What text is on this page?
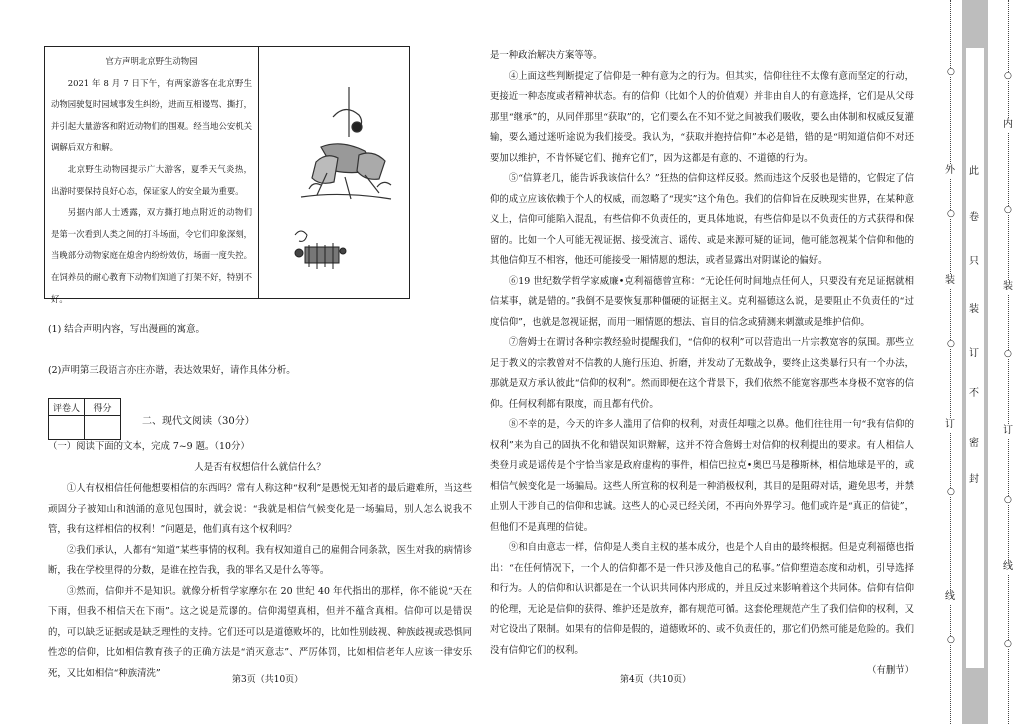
官方声明北京野生动物园

2021 年 8 月 7 日下午，有两家游客在北京野生动物园驶复时园域事发生纠纷，进而互相谩骂、撕打，并引起大量游客和附近动物们的围观。经当地公安机关调解后双方和解。

北京野生动物园提示广大游客，夏季天气炎热，出游时要保持良好心态，保证家人的安全最为重要。

另据内部人士透露，双方撕打地点附近的动物们是第一次看到人类之间的打斗场面，令它们印象深刻，当晚部分动物家庭在熄舍内纷纷效仿，场面一度失控。在饲养员的耐心教育下动物们知道了打架不好，特别不好。

(1) 结合声明内容，写出漫画的寓意。
(2)声明第三段语言亦庄亦谐，表达效果好，请作具体分析。
评卷人	得分

二、现代文阅读（30分）

（一）阅读下面的文本，完成 7~9 题。（10分）

人是否有权想信什么就信什么？

①人有权相信任何他想要相信的东西吗？常有人称这种“权利”是愚悦无知者的最后避难所，当这些顽固分子被知山和汹涌的意见包围时，就会说：“我就是相信气候变化是一场骗局，别人怎么说我不管，我有这样相信的权利！”问题是，他们真有这个权利吗？

②我们承认，人都有“知道”某些事情的权利。我有权知道自己的雇佣合同条款，医生对我的病情诊断，我在学校里得的分数，是谁在控告我，我的罪名又是什么等等。

③然而，信仰并不是知识。就像分析哲学家摩尔在 20 世纪 40 年代指出的那样，你不能说“天在下雨，但我不相信天在下雨”。这之说是荒谬的。信仰渴望真相，但并不蕴含真相。信仰可以是错误的，可以缺乏证据或是缺乏理性的支持。它们还可以是道德败坏的，比如性别歧视、种族歧视或恐惧同性恋的信仰，比如相信教育孩子的正确方法是“消灭意志”、严厉体罚，比如相信老年人应该一律安乐死，又比如相信“种族清洗”

是一种政治解决方案等等。

④上面这些判断提定了信仰是一种有意为之的行为。但其实，信仰往往不太像有意而坚定的行动，更接近一种态度或者精神状态。有的信仰（比如个人的价值观）并非由自人的有意选择，它们是从父母那里“继承”的，从同伴那里“获取”的，它们要么在不知不觉之间被我们吸收，要么由体制和权威反复灌输，要么通过迷听途说为我们接受。我认为，“获取并抱持信仰”本必是错，错的是“明知道信仰不对还要加以维护，不肯怀疑它们、抛弃它们”，因为这都是有意的、不道德的行为。

⑤“信算老几，能告诉我该信什么？”狂热的信仰这样反驳。然而违这个反驳也是错的，它假定了信仰的成立应该依赖于个人的权威，而忽略了“现实”这个角色。我们的信仰旨在反映现实世界，在某种意义上，信仰可能陷入混乱，有些信仰不负责任的，更具体地说，有些信仰是以不负责任的方式获得和保留的。比如一个人可能无视证据、接受流言、谣传、或是来源可疑的证词，他可能忽视某个信仰和他的其他信仰互不相容，他还可能接受一厢情愿的想法，或者显露出对阴谋论的偏好。

⑥19 世纪数学哲学家威廉•克利福德曾宣称：“无论任何时间地点任何人，只要没有充足证据就相信某事，就是错的。”我倒不是要恢复那种僵硬的证据主义。克利福德这么说，是要阻止不负责任的“过度信仰”，也就是忽视证据，而用一厢情愿的想法、盲目的信念或猜测来刺激或是维护信仰。

⑦詹姆士在谓讨各种宗教经验时提醒我们，“信仰的权利”可以营造出一片宗教宽容的氛围。那些立足于教义的宗教曾对不信教的人施行压迫、折磨，并发动了无数战争，要终止这类暴行只有一个办法，那就是双方承认彼此“信仰的权利”。然而即便在这个背景下，我们依然不能宽容那些本身极不宽容的信仰。任何权利都有限度，而且都有代价。

⑧不幸的是，今天的许多人滥用了信仰的权利，对责任却嗤之以鼻。他们往往用一句“我有信仰的权利”来为自己的固执不化和错误知识辩解，这并不符合詹姆士对信仰的权利提出的要求。有人相信人类登月或是谣传是个宇恰当家是政府虚构的事件，相信巴拉克•奥巴马是穆斯林，相信地球是平的，或相信气候变化是一场骗局。这些人所宣称的权利是一种消极权利，其目的是阻碍对话，避免思考，并禁止别人干涉自己的信仰和忠诚。这些人的心灵已经关闭，不再向外界学习。他们或许是“真正的信徒”，但他们不是真理的信徒。

⑨和自由意志一样，信仰是人类自主权的基本成分，也是个人自由的最终根据。但是克利福德也指出：“在任何情况下，一个人的信仰都不是一件只涉及他自己的私事。”信仰塑造态度和动机，引导选择和行为。人的信仰和认识都是在一个认识共同体内形成的，并且反过来影响着这个共同体。信仰有信仰的伦理，无论是信仰的获得、维护还是放弃，都有规范可循。这套伦理规范产生了我们信仰的权利，又对它设出了限制。如果有的信仰是假的，道德败坏的、或不负责任的，那它们仍然可能是危险的。我们没有信仰它们的权利。

（有删节）

第3页（共10页）	第4页（共10页）
○
外
○
装
○
订
○
线
○
○
内
○
装
○
订
○
线
○
此
卷
只
装
订
不
密
封
